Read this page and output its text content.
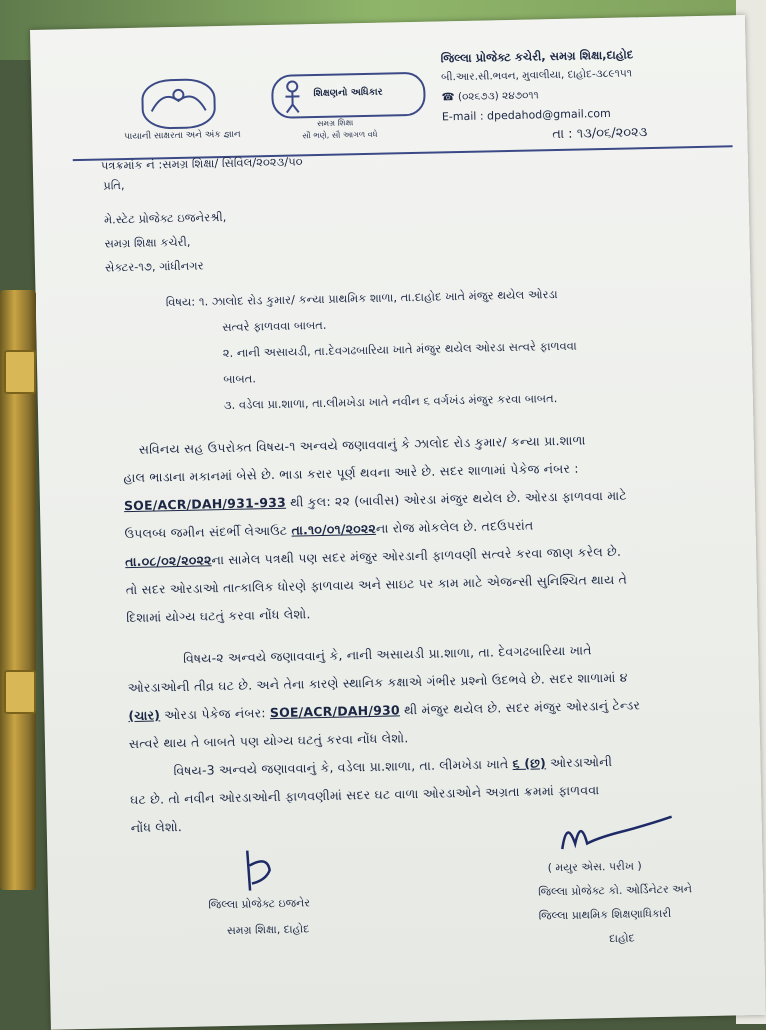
પાયાની સાક્ષરતા અને અંક જ્ઞાન
શિક્ષણનો અધિકાર
સમગ્ર શિક્ષા
સૌ ભણે, સૌ આગળ વધે
જિલ્લા પ્રોજેક્ટ કચેરી, સમગ્ર શિક્ષા,દાહોદ
બી.આર.સી.ભવન, મુવાલીયા, દાહોદ-૩૮૯૧૫૧
☎ (૦૨૬૭૩) ૨૪૭૦૧૧
E-mail : dpedahod@gmail.com
તા : ૧૩/૦૬/૨૦૨૩
પત્રક્રમાંક નં :સમગ્ર શિક્ષા/ સિવિલ/૨૦૨૩/૫૦
પ્રતિ,
મે.સ્ટેટ પ્રોજેક્ટ ઇજનેરશ્રી,
સમગ્ર શિક્ષા કચેરી,
સેક્ટર-૧૭, ગાંધીનગર
વિષય: ૧. ઝાલોદ રોડ કુમાર/ કન્યા પ્રાથમિક શાળા, તા.દાહોદ ખાતે મંજુર થયેલ ઓરડા
સત્વરે ફાળવવા બાબત.
૨. નાની અસાયડી, તા.દેવગઢબારિયા ખાતે મંજુર થયેલ ઓરડા સત્વરે ફાળવવા
બાબત.
૩. વડેલા પ્રા.શાળા, તા.લીમખેડા ખાતે નવીન ૬ વર્ગખંડ મંજુર કરવા બાબત.
સવિનય સહ ઉપરોક્ત વિષય-૧ અન્વયે જણાવવાનું કે ઝાલોદ રોડ કુમાર/ કન્યા પ્રા.શાળા
હાલ ભાડાના મકાનમાં બેસે છે. ભાડા કરાર પૂર્ણ થવના આરે છે. સદર શાળામાં પેકેજ નંબર :
SOE/ACR/DAH/931-933 થી કુલ: ૨૨ (બાવીસ) ઓરડા મંજુર થયેલ છે. ઓરડા ફાળવવા માટે
ઉપલબ્ધ જમીન સંદર્ભી લેઆઉટ તા.૧૦/૦૧/૨૦૨૨ના રોજ મોકલેલ છે. તદઉપરાંત
તા.૦૮/૦૨/૨૦૨૨ના સામેલ પત્રથી પણ સદર મંજુર ઓરડાની ફાળવણી સત્વરે કરવા જાણ કરેલ છે.
તો સદર ઓરડાઓ તાત્કાલિક ધોરણે ફાળવાય અને સાઇટ પર કામ માટે એજન્સી સુનિશ્ચિત થાય તે
દિશામાં યોગ્ય ઘટતું કરવા નોંધ લેશો.
વિષય-૨ અન્વયે જણાવવાનું કે, નાની અસાયડી પ્રા.શાળા, તા. દેવગઢબારિયા ખાતે
ઓરડાઓની તીવ્ર ઘટ છે. અને તેના કારણે સ્થાનિક કક્ષાએ ગંભીર પ્રશ્નો ઉદભવે છે. સદર શાળામાં ૪
(ચાર) ઓરડા પેકેજ નંબર: SOE/ACR/DAH/930 થી મંજુર થયેલ છે. સદર મંજુર ઓરડાનું ટેન્ડર
સત્વરે થાય તે બાબતે પણ યોગ્ય ઘટતું કરવા નોંધ લેશો.
વિષય-3 અન્વયે જણાવવાનું કે, વડેલા પ્રા.શાળા, તા. લીમખેડા ખાતે ૬ (છ) ઓરડાઓની
ઘટ છે. તો નવીન ઓરડાઓની ફાળવણીમાં સદર ઘટ વાળા ઓરડાઓને અગ્રતા ક્રમમાં ફાળવવા
નોંધ લેશો.
જિલ્લા પ્રોજેક્ટ ઇજનેર
સમગ્ર શિક્ષા, દાહોદ
( મયુર એસ. પરીખ )
જિલ્લા પ્રોજેક્ટ કો. ઓર્ડિનેટર અને
જિલ્લા પ્રાથમિક શિક્ષણાધિકારી
દાહોદ
